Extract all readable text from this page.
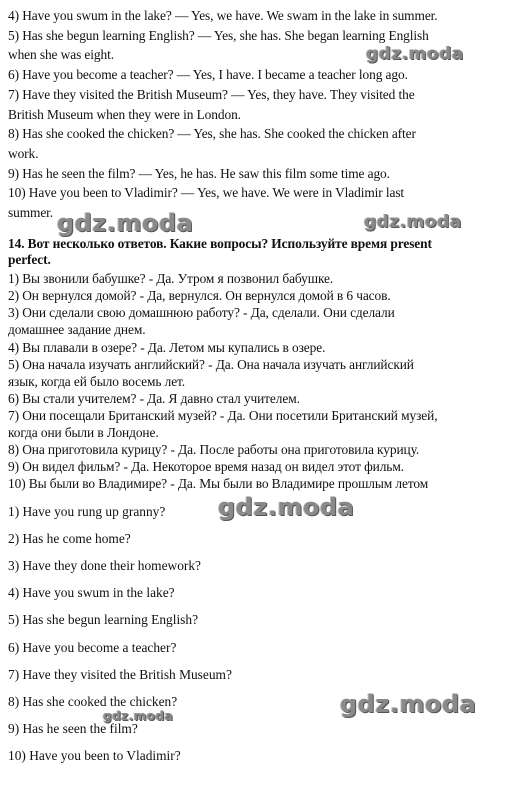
4) Have you swum in the lake? — Yes, we have. We swam in the lake in summer.
5) Has she begun learning English? — Yes, she has. She began learning English
when she was eight.
6) Have you become a teacher? — Yes, I have. I became a teacher long ago.
7) Have they visited the British Museum? — Yes, they have. They visited the
British Museum when they were in London.
8) Has she cooked the chicken? — Yes, she has. She cooked the chicken after
work.
9) Has he seen the film? — Yes, he has. He saw this film some time ago.
10) Have you been to Vladimir? — Yes, we have. We were in Vladimir last
summer.
14. Вот несколько ответов. Какие вопросы? Используйте время present
perfect.
1) Вы звонили бабушке? - Да. Утром я позвонил бабушке.
2) Он вернулся домой? - Да, вернулся. Он вернулся домой в 6 часов.
3) Они сделали свою домашнюю работу? - Да, сделали. Они сделали
домашнее задание днем.
4) Вы плавали в озере? - Да. Летом мы купались в озере.
5) Она начала изучать английский? - Да. Она начала изучать английский
язык, когда ей было восемь лет.
6) Вы стали учителем? - Да. Я давно стал учителем.
7) Они посещали Британский музей? - Да. Они посетили Британский музей,
когда они были в Лондоне.
8) Она приготовила курицу? - Да. После работы она приготовила курицу.
9) Он видел фильм? - Да. Некоторое время назад он видел этот фильм.
10) Вы были во Владимире? - Да. Мы были во Владимире прошлым летом
1) Have you rung up granny?
2) Has he come home?
3) Have they done their homework?
4) Have you swum in the lake?
5) Has she begun learning English?
6) Have you become a teacher?
7) Have they visited the British Museum?
8) Has she cooked the chicken?
9) Has he seen the film?
10) Have you been to Vladimir?
gdz.moda
gdz.moda	gdz.moda
gdz.moda
gdz.moda
gdz.moda
